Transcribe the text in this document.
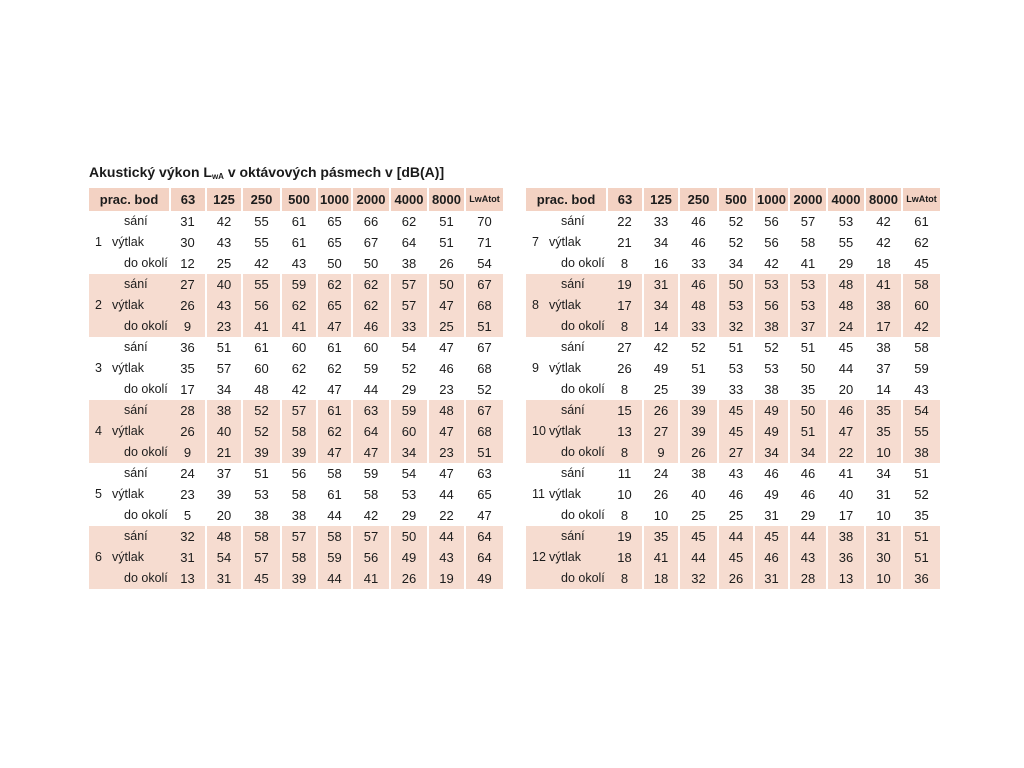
Akustický výkon $L_{wA}$ v oktávových pásmech v [dB(A)]
prac. bod		63	125	250	500	1000	2000	4000	8000	LwAtot
1	sání	31	42	55	61	65	66	62	51	70
	výtlak	30	43	55	61	65	67	64	51	71
	do okolí	12	25	42	43	50	50	38	26	54
2	sání	27	40	55	59	62	62	57	50	67
	výtlak	26	43	56	62	65	62	57	47	68
	do okolí	9	23	41	41	47	46	33	25	51
3	sání	36	51	61	60	61	60	54	47	67
	výtlak	35	57	60	62	62	59	52	46	68
	do okolí	17	34	48	42	47	44	29	23	52
4	sání	28	38	52	57	61	63	59	48	67
	výtlak	26	40	52	58	62	64	60	47	68
	do okolí	9	21	39	39	47	47	34	23	51
5	sání	24	37	51	56	58	59	54	47	63
	výtlak	23	39	53	58	61	58	53	44	65
	do okolí	5	20	38	38	44	42	29	22	47
6	sání	32	48	58	57	58	57	50	44	64
	výtlak	31	54	57	58	59	56	49	43	64
	do okolí	13	31	45	39	44	41	26	19	49
prac. bod		63	125	250	500	1000	2000	4000	8000	LwAtot
7	sání	22	33	46	52	56	57	53	42	61
	výtlak	21	34	46	52	56	58	55	42	62
	do okolí	8	16	33	34	42	41	29	18	45
8	sání	19	31	46	50	53	53	48	41	58
	výtlak	17	34	48	53	56	53	48	38	60
	do okolí	8	14	33	32	38	37	24	17	42
9	sání	27	42	52	51	52	51	45	38	58
	výtlak	26	49	51	53	53	50	44	37	59
	do okolí	8	25	39	33	38	35	20	14	43
10	sání	15	26	39	45	49	50	46	35	54
	výtlak	13	27	39	45	49	51	47	35	55
	do okolí	8	9	26	27	34	34	22	10	38
11	sání	11	24	38	43	46	46	41	34	51
	výtlak	10	26	40	46	49	46	40	31	52
	do okolí	8	10	25	25	31	29	17	10	35
12	sání	19	35	45	44	45	44	38	31	51
	výtlak	18	41	44	45	46	43	36	30	51
	do okolí	8	18	32	26	31	28	13	10	36
